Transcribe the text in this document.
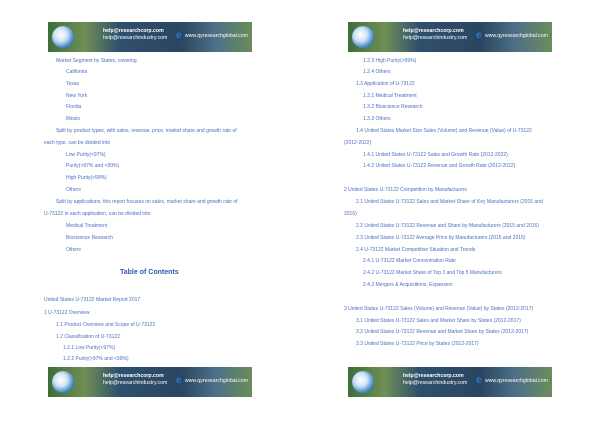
help@researchcorp.com
help@researchindustry.com e www.qyresearchglobal.com
Market Segment by States, covering
California
Texas
New York
Florida
Illinois
Split by product types, with sales, revenue, price, market share and growth rate of
each type, can be divided into
Low Purity(<97%)
Purity(>97% and <99%)
High Purity(>99%)
Others
Split by applications, this report focuses on sales, market share and growth rate of
U-73122 in each application, can be divided into
Medical Treatment
Bioscience Research
Others
Table of Contents
United States U-73122 Market Report 2017
1 U-73122 Overview
1.1 Product Overview and Scope of U-73122
1.2 Classification of U-73122
1.2.1 Low Purity(<97%)
1.2.2 Purity(>97% and <99%)
help@researchcorp.com
help@researchindustry.com e www.qyresearchglobal.com
help@researchcorp.com
help@researchindustry.com e www.qyresearchglobal.com
1.2.3 High Purity(>99%)
1.2.4 Others
1.3 Application of U-73122
1.3.1 Medical Treatment
1.3.2 Bioscience Research
1.3.3 Others
1.4 United States Market Size Sales (Volume) and Revenue (Value) of U-73122
(2012-2022)
1.4.1 United States U-73122 Sales and Growth Rate (2012-2022)
1.4.2 United States U-73122 Revenue and Growth Rate (2012-2022)
2 United States U-73122 Competition by Manufacturers
2.1 United States U-73122 Sales and Market Share of Key Manufacturers (2015 and
2016)
2.2 United States U-73122 Revenue and Share by Manufacturers (2015 and 2016)
2.3 United States U-73122 Average Price by Manufacturers (2015 and 2016)
2.4 U-73122 Market Competitive Situation and Trends
2.4.1 U-73122 Market Concentration Rate
2.4.2 U-73122 Market Share of Top 3 and Top 5 Manufacturers
2.4.3 Mergers & Acquisitions, Expansion
3 United States U-73122 Sales (Volume) and Revenue (Value) by States (2012-2017)
3.1 United States U-73122 Sales and Market Share by States (2012-2017)
3.2 United States U-73122 Revenue and Market Share by States (2012-2017)
3.3 United States U-73122 Price by States (2012-2017)
help@researchcorp.com
help@researchindustry.com e www.qyresearchglobal.com
